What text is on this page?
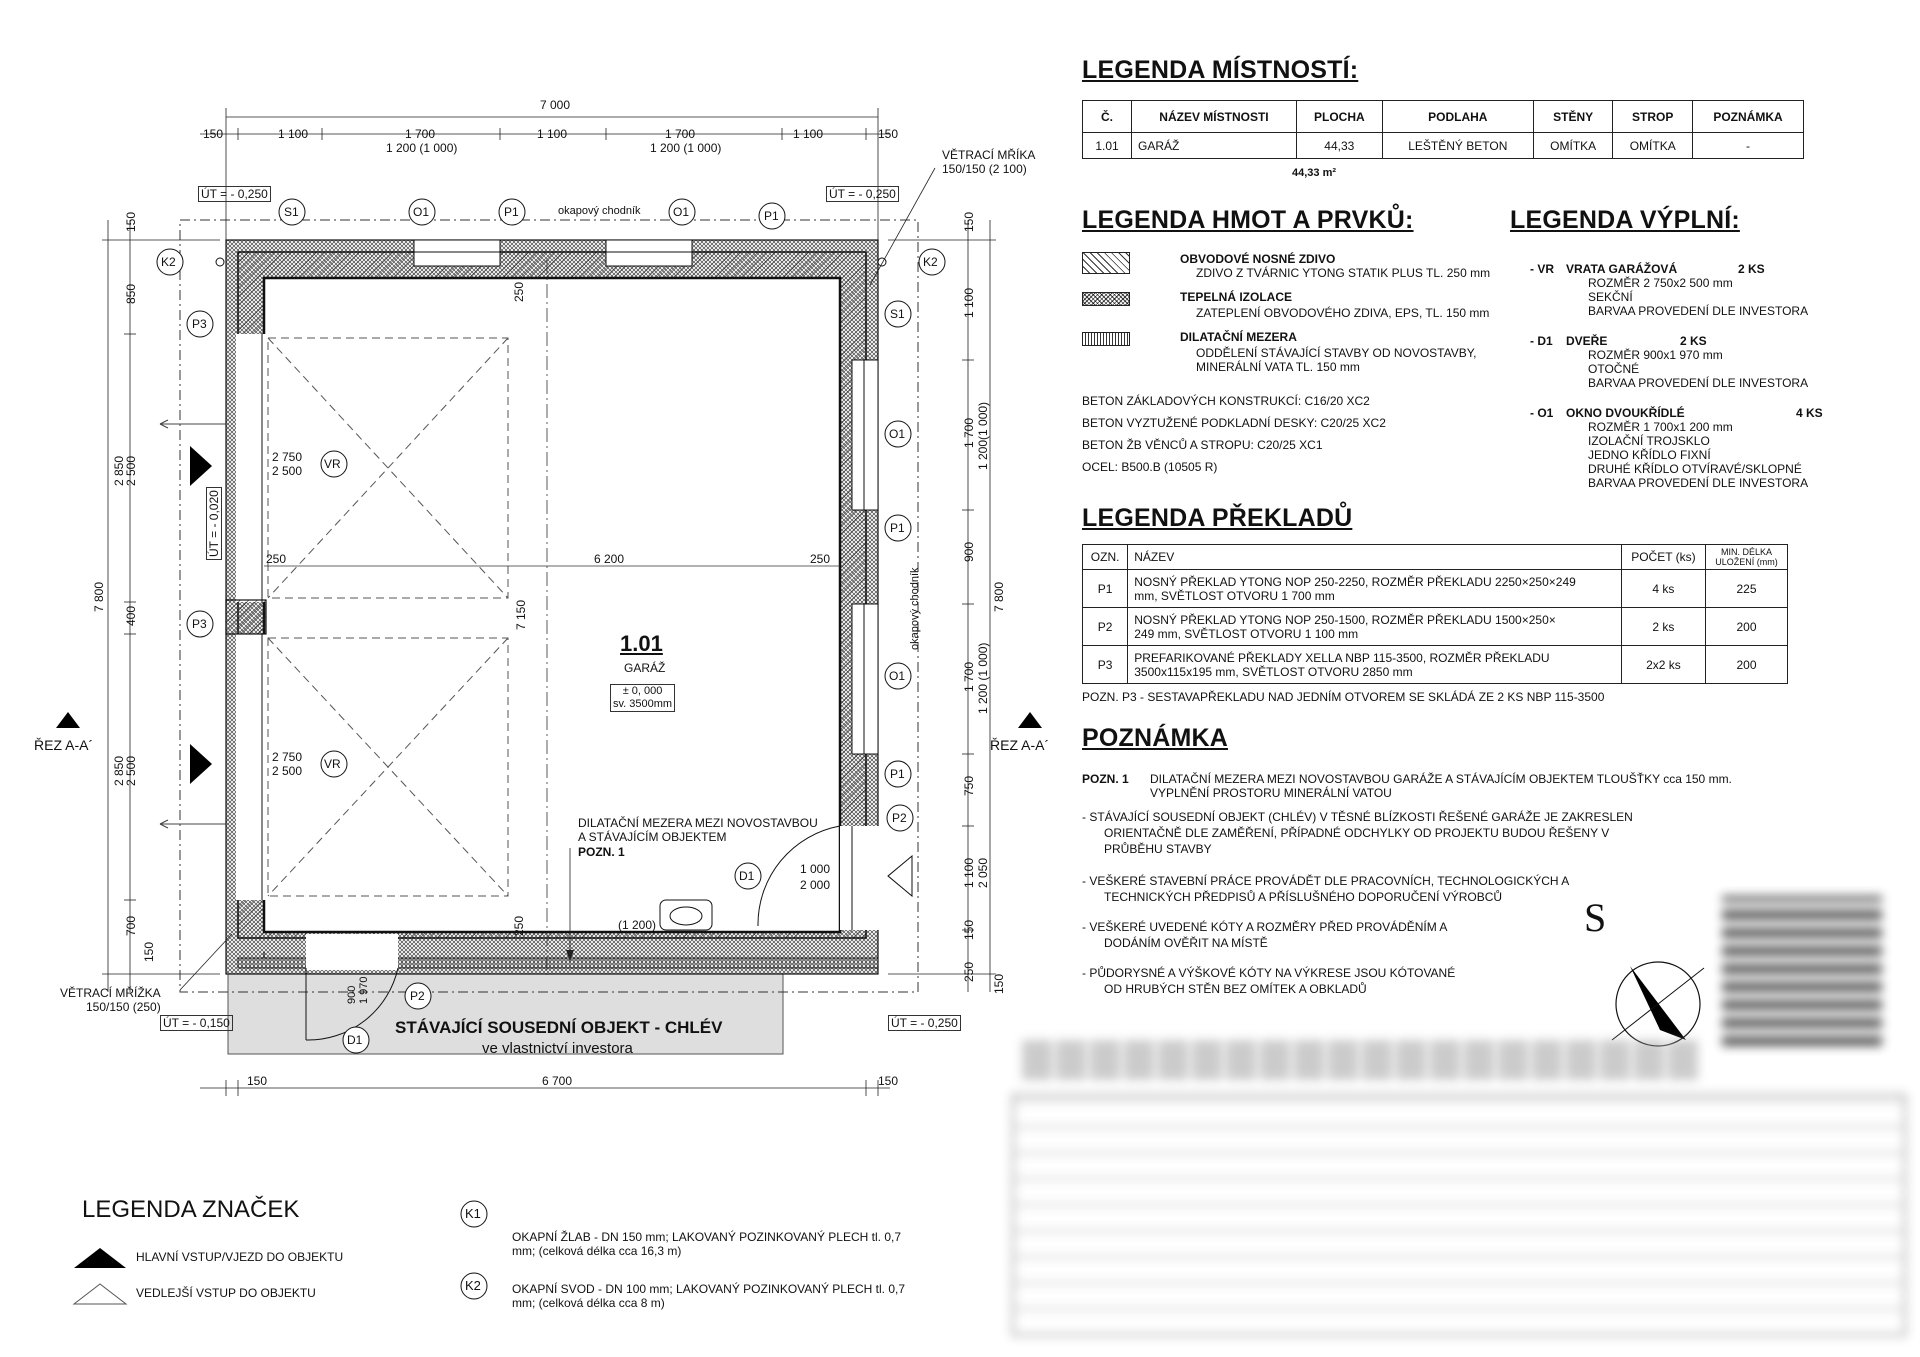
7 000
150	1 100	1 700	1 100	1 700	1 100	150
1 200 (1 000)	1 200 (1 000)
ÚT = - 0,250	ÚT = - 0,250
ÚT = - 0,150	ÚT = - 0,250
ÚT = - 0,020
okapový chodník
okapový chodník
VĚTRACÍ MŘÍKA
150/150 (2 100)
VĚTRACÍ MŘÍŽKA
150/150 (250)
ŘEZ A-A´	ŘEZ A-A´
S1	O1	P1	O1	P1
K2	K2
P3
S1
O1
P1
P3
O1
P1
P2
D1
VR
VR
P2
D1
2 750
2 500
2 750
2 500
250	6 200	250
7 150
250
250
1.01
GARÁŽ
± 0, 000
sv. 3500mm
DILATAČNÍ MEZERA MEZI NOVOSTAVBOU
A STÁVAJÍCÍM OBJEKTEM
POZN. 1
1 000
2 000
900 1 970
(1 200)
STÁVAJÍCÍ SOUSEDNÍ OBJEKT - CHLÉV
ve vlastnictví investora
150	6 700	150
7 800
150
850
2 850
2 500
400
2 850
2 500
700
150
7 800
150
1 100
1 700 1 200(1 000)
900
1 700 1 200 (1 000)
750
1 100 2 050
150
250
150
LEGENDA MÍSTNOSTÍ:
Č.	NÁZEV MÍSTNOSTI	PLOCHA	PODLAHA	STĚNY	STROP	POZNÁMKA
1.01	GARÁŽ	44,33	LEŠTĚNÝ BETON	OMÍTKA	OMÍTKA	-
44,33 m²
LEGENDA HMOT A PRVKŮ:
OBVODOVÉ NOSNÉ ZDIVO
ZDIVO Z TVÁRNIC YTONG STATIK PLUS TL. 250 mm
TEPELNÁ IZOLACE
ZATEPLENÍ OBVODOVÉHO ZDIVA, EPS, TL. 150 mm
DILATAČNÍ MEZERA
ODDĚLENÍ STÁVAJÍCÍ STAVBY OD NOVOSTAVBY,
MINERÁLNÍ VATA TL. 150 mm
BETON ZÁKLADOVÝCH KONSTRUKCÍ: C16/20 XC2
BETON VYZTUŽENÉ PODKLADNÍ DESKY: C20/25 XC2
BETON ŽB VĚNCŮ A STROPU: C20/25 XC1
OCEL: B500.B (10505 R)
LEGENDA VÝPLNÍ:
- VR VRATA GARÁŽOVÁ	2 KS
ROZMĚR 2 750x2 500 mm
SEKČNÍ
BARVAA PROVEDENÍ DLE INVESTORA
- D1 DVEŘE	2 KS
ROZMĚR 900x1 970 mm
OTOČNÉ
BARVAA PROVEDENÍ DLE INVESTORA
- O1 OKNO DVOUKŘÍDLÉ	4 KS
ROZMĚR 1 700x1 200 mm
IZOLAČNÍ TROJSKLO
JEDNO KŘÍDLO FIXNÍ
DRUHÉ KŘÍDLO OTVÍRAVÉ/SKLOPNÉ
BARVAA PROVEDENÍ DLE INVESTORA
LEGENDA PŘEKLADŮ
OZN.	NÁZEV	POČET (ks)	MIN. DÉLKA
ULOŽENÍ (mm)

P1	NOSNÝ PŘEKLAD YTONG NOP 250-2250, ROZMĚR PŘEKLADU 2250×250×249
mm, SVĚTLOST OTVORU 1 700 mm	4 ks	225
P2	NOSNÝ PŘEKLAD YTONG NOP 250-1500, ROZMĚR PŘEKLADU 1500×250×
249 mm, SVĚTLOST OTVORU 1 100 mm	2 ks	200
P3	PREFARIKOVANÉ PŘEKLADY XELLA NBP 115-3500, ROZMĚR PŘEKLADU
3500x115x195 mm, SVĚTLOST OTVORU 2850 mm	2x2 ks	200
POZN. P3 - SESTAVAPŘEKLADU NAD JEDNÍM OTVOREM SE SKLÁDÁ ZE 2 KS NBP 115-3500
POZNÁMKA
POZN. 1 DILATAČNÍ MEZERA MEZI NOVOSTAVBOU GARÁŽE A STÁVAJÍCÍM OBJEKTEM TLOUŠŤKY cca 150 mm.
VYPLNĚNÍ PROSTORU MINERÁLNÍ VATOU
- STÁVAJÍCÍ SOUSEDNÍ OBJEKT (CHLÉV) V TĚSNÉ BLÍZKOSTI ŘEŠENÉ GARÁŽE JE ZAKRESLEN
ORIENTAČNĚ DLE ZAMĚŘENÍ, PŘÍPADNÉ ODCHYLKY OD PROJEKTU BUDOU ŘEŠENY V
PRŮBĚHU STAVBY
- VEŠKERÉ STAVEBNÍ PRÁCE PROVÁDĚT DLE PRACOVNÍCH, TECHNOLOGICKÝCH A
TECHNICKÝCH PŘEDPISŮ A PŘÍSLUŠNÉHO DOPORUČENÍ VÝROBCŮ
- VEŠKERÉ UVEDENÉ KÓTY A ROZMĚRY PŘED PROVÁDĚNÍM A
DODÁNÍM OVĚŘIT NA MÍSTĚ
- PŮDORYSNÉ A VÝŠKOVÉ KÓTY NA VÝKRESE JSOU KÓTOVANÉ
OD HRUBÝCH STĚN BEZ OMÍTEK A OBKLADŮ
S
LEGENDA ZNAČEK
HLAVNÍ VSTUP/VJEZD DO OBJEKTU
VEDLEJŠÍ VSTUP DO OBJEKTU
K1
OKAPNÍ ŽLAB - DN 150 mm; LAKOVANÝ POZINKOVANÝ PLECH tl. 0,7
mm; (celková délka cca 16,3 m)
K2	OKAPNÍ SVOD - DN 100 mm; LAKOVANÝ POZINKOVANÝ PLECH tl. 0,7
mm; (celková délka cca 8 m)
